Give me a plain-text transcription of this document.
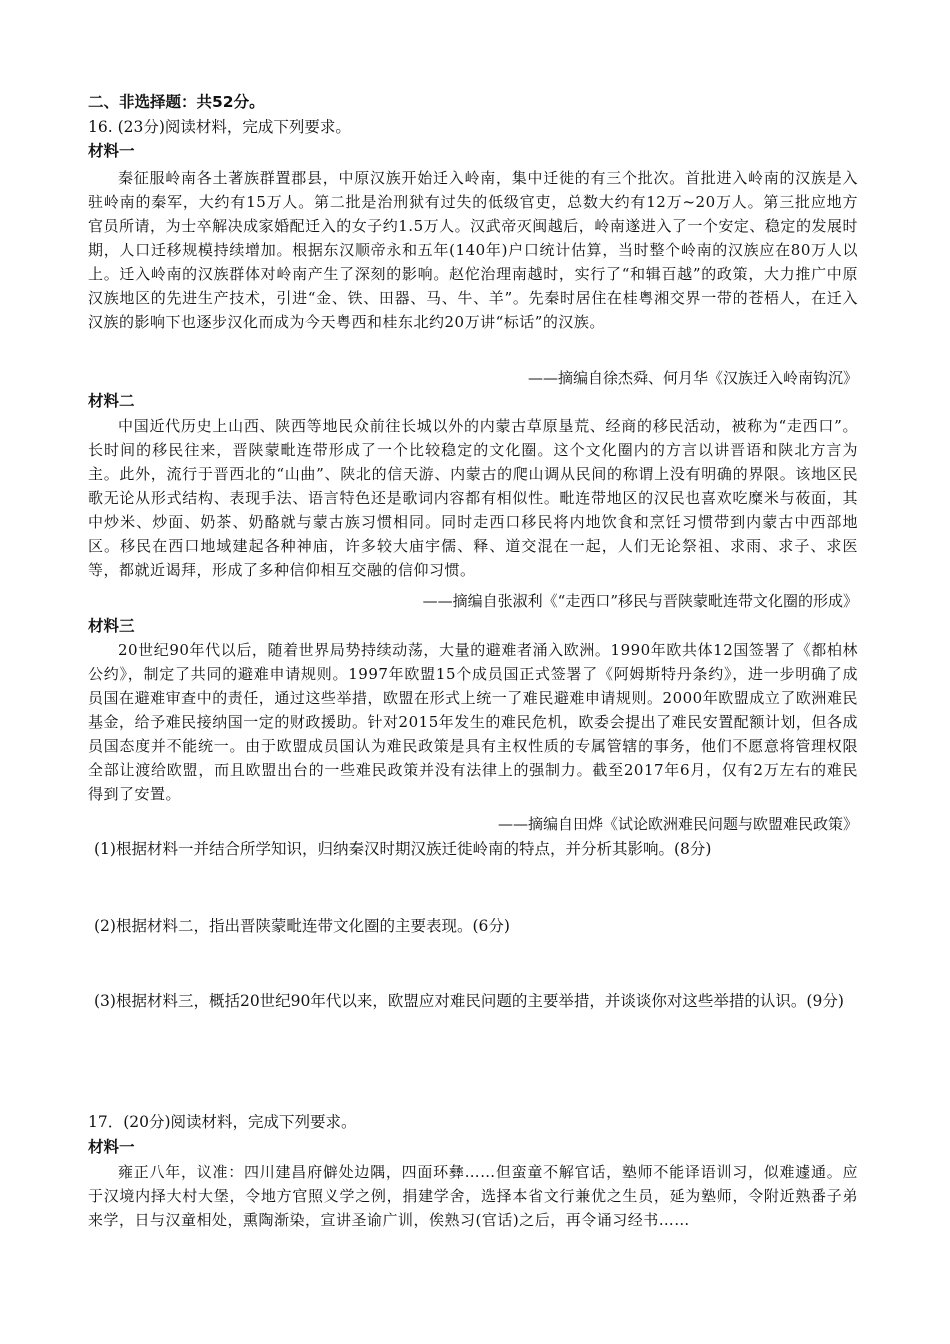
二、非选择题：共52分。
16. (23分)阅读材料，完成下列要求。
材料一
秦征服岭南各土著族群置郡县，中原汉族开始迁入岭南，集中迁徙的有三个批次。首批进入岭南的汉族是入驻岭南的秦军，大约有15万人。第二批是治刑狱有过失的低级官吏，总数大约有12万~20万人。第三批应地方官员所请，为士卒解决成家婚配迁入的女子约1.5万人。汉武帝灭闽越后，岭南遂进入了一个安定、稳定的发展时期，人口迁移规模持续增加。根据东汉顺帝永和五年(140年)户口统计估算，当时整个岭南的汉族应在80万人以上。迁入岭南的汉族群体对岭南产生了深刻的影响。赵佗治理南越时，实行了“和辑百越”的政策，大力推广中原汉族地区的先进生产技术，引进“金、铁、田器、马、牛、羊”。先秦时居住在桂粤湘交界一带的苍梧人，在迁入汉族的影响下也逐步汉化而成为今天粤西和桂东北约20万讲“标话”的汉族。
——摘编自徐杰舜、何月华《汉族迁入岭南钩沉》
材料二
中国近代历史上山西、陕西等地民众前往长城以外的内蒙古草原垦荒、经商的移民活动，被称为“走西口”。长时间的移民往来，晋陕蒙毗连带形成了一个比较稳定的文化圈。这个文化圈内的方言以讲晋语和陕北方言为主。此外，流行于晋西北的“山曲”、陕北的信天游、内蒙古的爬山调从民间的称谓上没有明确的界限。该地区民歌无论从形式结构、表现手法、语言特色还是歌词内容都有相似性。毗连带地区的汉民也喜欢吃糜米与莜面，其中炒米、炒面、奶茶、奶酪就与蒙古族习惯相同。同时走西口移民将内地饮食和烹饪习惯带到内蒙古中西部地区。移民在西口地域建起各种神庙，许多较大庙宇儒、释、道交混在一起，人们无论祭祖、求雨、求子、求医等，都就近谒拜，形成了多种信仰相互交融的信仰习惯。
——摘编自张淑利《“走西口”移民与晋陕蒙毗连带文化圈的形成》
材料三
20世纪90年代以后，随着世界局势持续动荡，大量的避难者涌入欧洲。1990年欧共体12国签署了《都柏林公约》，制定了共同的避难申请规则。1997年欧盟15个成员国正式签署了《阿姆斯特丹条约》，进一步明确了成员国在避难审查中的责任，通过这些举措，欧盟在形式上统一了难民避难申请规则。2000年欧盟成立了欧洲难民基金，给予难民接纳国一定的财政援助。针对2015年发生的难民危机，欧委会提出了难民安置配额计划，但各成员国态度并不能统一。由于欧盟成员国认为难民政策是具有主权性质的专属管辖的事务，他们不愿意将管理权限全部让渡给欧盟，而且欧盟出台的一些难民政策并没有法律上的强制力。截至2017年6月，仅有2万左右的难民得到了安置。
——摘编自田烨《试论欧洲难民问题与欧盟难民政策》
(1)根据材料一并结合所学知识，归纳秦汉时期汉族迁徙岭南的特点，并分析其影响。(8分)
(2)根据材料二，指出晋陕蒙毗连带文化圈的主要表现。(6分)
(3)根据材料三，概括20世纪90年代以来，欧盟应对难民问题的主要举措，并谈谈你对这些举措的认识。(9分)
17．(20分)阅读材料，完成下列要求。
材料一
雍正八年，议准：四川建昌府僻处边隅，四面环彝……但蛮童不解官话，塾师不能译语训习，似难遽通。应于汉境内择大村大堡，令地方官照义学之例，捐建学舍，选择本省文行兼优之生员，延为塾师，令附近熟番子弟来学，日与汉童相处，熏陶渐染，宣讲圣谕广训，俟熟习(官话)之后，再令诵习经书……
